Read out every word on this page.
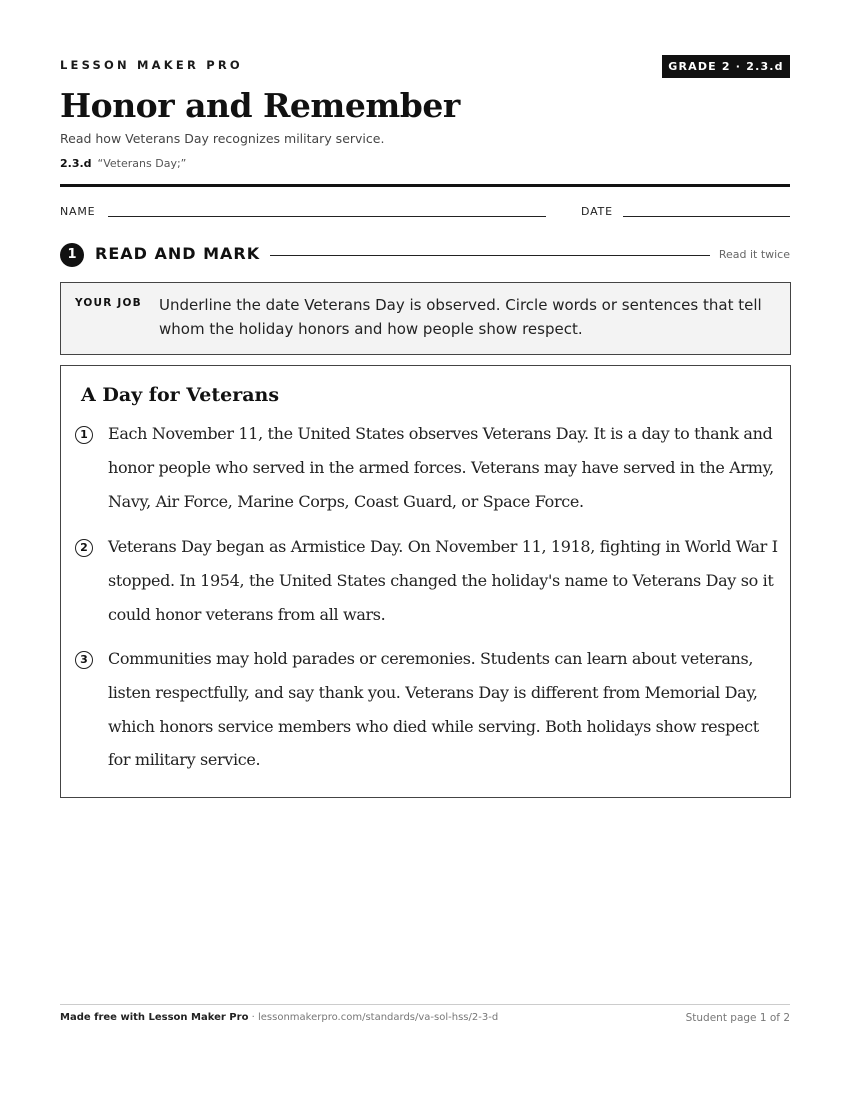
LESSON MAKER PRO	GRADE 2 · 2.3.d
Honor and Remember
Read how Veterans Day recognizes military service.
2.3.d “Veterans Day;”
NAME	DATE
1	READ AND MARK	Read it twice
YOUR JOB Underline the date Veterans Day is observed. Circle words or sentences that tell whom the holiday honors and how people show respect.
A Day for Veterans
1	Each November 11, the United States observes Veterans Day. It is a day to thank and honor people who served in the armed forces. Veterans may have served in the Army, Navy, Air Force, Marine Corps, Coast Guard, or Space Force.

2	Veterans Day began as Armistice Day. On November 11, 1918, fighting in World War I stopped. In 1954, the United States changed the holiday's name to Veterans Day so it could honor veterans from all wars.

3	Communities may hold parades or ceremonies. Students can learn about veterans, listen respectfully, and say thank you. Veterans Day is different from Memorial Day, which honors service members who died while serving. Both holidays show respect for military service.

Made free with Lesson Maker Pro · lessonmakerpro.com/standards/va-sol-hss/2-3-d	Student page 1 of 2
